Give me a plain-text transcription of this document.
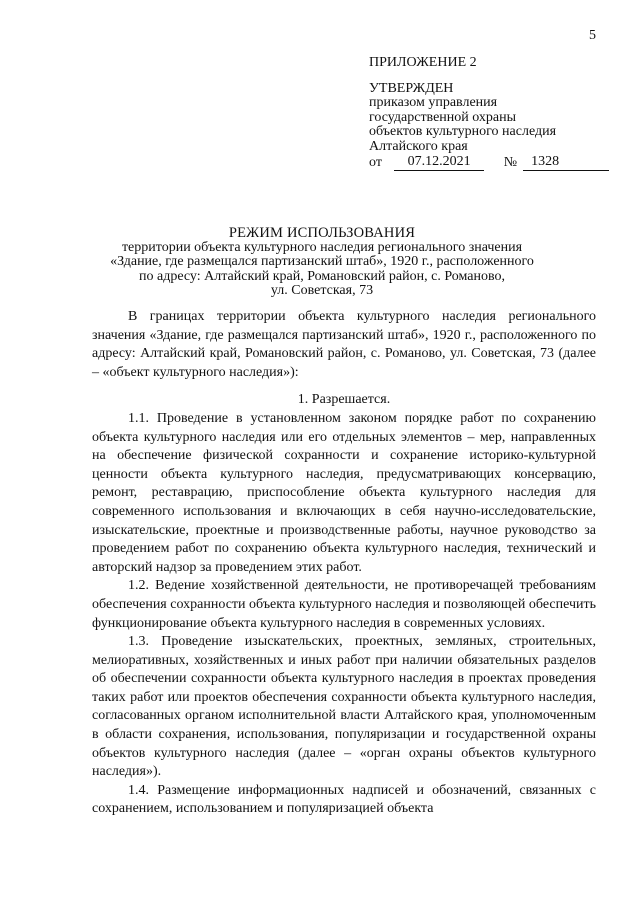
5
ПРИЛОЖЕНИЕ 2
УТВЕРЖДЕН
приказом управления
государственной охраны
объектов культурного наследия
Алтайского края
от	07.12.2021	№ 1328
РЕЖИМ ИСПОЛЬЗОВАНИЯ
территории объекта культурного наследия регионального значения
«Здание, где размещался партизанский штаб», 1920 г., расположенного
по адресу: Алтайский край, Романовский район, с. Романово,
ул. Советская, 73

В границах территории объекта культурного наследия регионального значения «Здание, где размещался партизанский штаб», 1920 г., расположенного по адресу: Алтайский край, Романовский район, с. Романово, ул. Советская, 73 (далее – «объект культурного наследия»):

1. Разрешается.

1.1. Проведение в установленном законом порядке работ по сохранению объекта культурного наследия или его отдельных элементов – мер, направленных на обеспечение физической сохранности и сохранение историко-культурной ценности объекта культурного наследия, предусматривающих консервацию, ремонт, реставрацию, приспособление объекта культурного наследия для современного использования и включающих в себя научно-исследовательские, изыскательские, проектные и производственные работы, научное руководство за проведением работ по сохранению объекта культурного наследия, технический и авторский надзор за проведением этих работ.

1.2. Ведение хозяйственной деятельности, не противоречащей требованиям обеспечения сохранности объекта культурного наследия и позволяющей обеспечить функционирование объекта культурного наследия в современных условиях.

1.3. Проведение изыскательских, проектных, земляных, строительных, мелиоративных, хозяйственных и иных работ при наличии обязательных разделов об обеспечении сохранности объекта культурного наследия в проектах проведения таких работ или проектов обеспечения сохранности объекта культурного наследия, согласованных органом исполнительной власти Алтайского края, уполномоченным в области сохранения, использования, популяризации и государственной охраны объектов культурного наследия (далее – «орган охраны объектов культурного наследия»).

1.4. Размещение информационных надписей и обозначений, связанных с сохранением, использованием и популяризацией объекта
